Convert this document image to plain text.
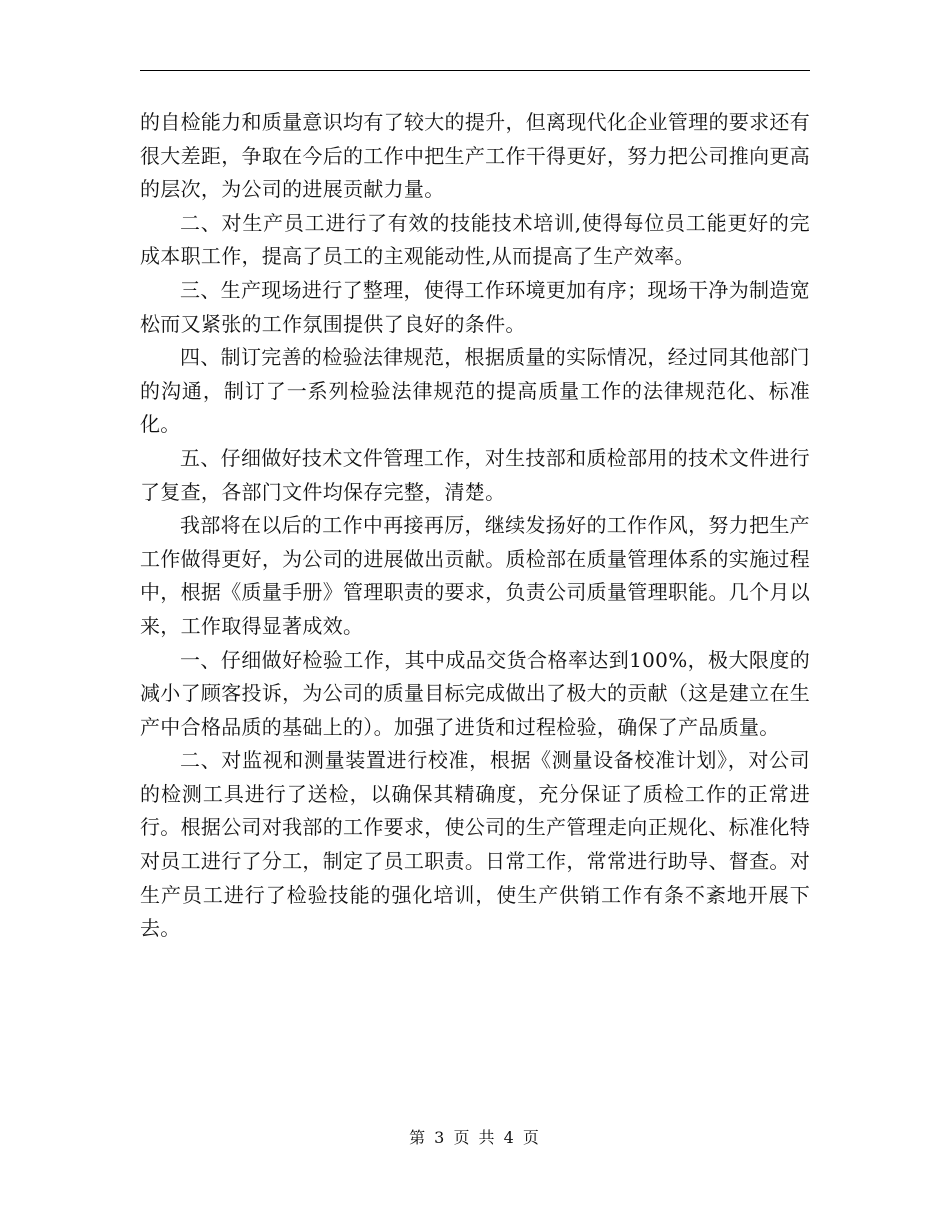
的自检能力和质量意识均有了较大的提升，但离现代化企业管理的要求还有很大差距，争取在今后的工作中把生产工作干得更好，努力把公司推向更高的层次，为公司的进展贡献力量。

二、对生产员工进行了有效的技能技术培训,使得每位员工能更好的完成本职工作，提高了员工的主观能动性,从而提高了生产效率。

三、生产现场进行了整理，使得工作环境更加有序；现场干净为制造宽松而又紧张的工作氛围提供了良好的条件。

四、制订完善的检验法律规范，根据质量的实际情况，经过同其他部门的沟通，制订了一系列检验法律规范的提高质量工作的法律规范化、标准化。

五、仔细做好技术文件管理工作，对生技部和质检部用的技术文件进行了复查，各部门文件均保存完整，清楚。

我部将在以后的工作中再接再厉，继续发扬好的工作作风，努力把生产工作做得更好，为公司的进展做出贡献。质检部在质量管理体系的实施过程中，根据《质量手册》管理职责的要求，负责公司质量管理职能。几个月以来，工作取得显著成效。

一、仔细做好检验工作，其中成品交货合格率达到100%，极大限度的减小了顾客投诉，为公司的质量目标完成做出了极大的贡献（这是建立在生产中合格品质的基础上的）。加强了进货和过程检验，确保了产品质量。

二、对监视和测量装置进行校准，根据《测量设备校准计划》，对公司的检测工具进行了送检，以确保其精确度，充分保证了质检工作的正常进行。根据公司对我部的工作要求，使公司的生产管理走向正规化、标准化特对员工进行了分工，制定了员工职责。日常工作，常常进行助导、督查。对生产员工进行了检验技能的强化培训，使生产供销工作有条不紊地开展下去。

第 3 页 共 4 页
